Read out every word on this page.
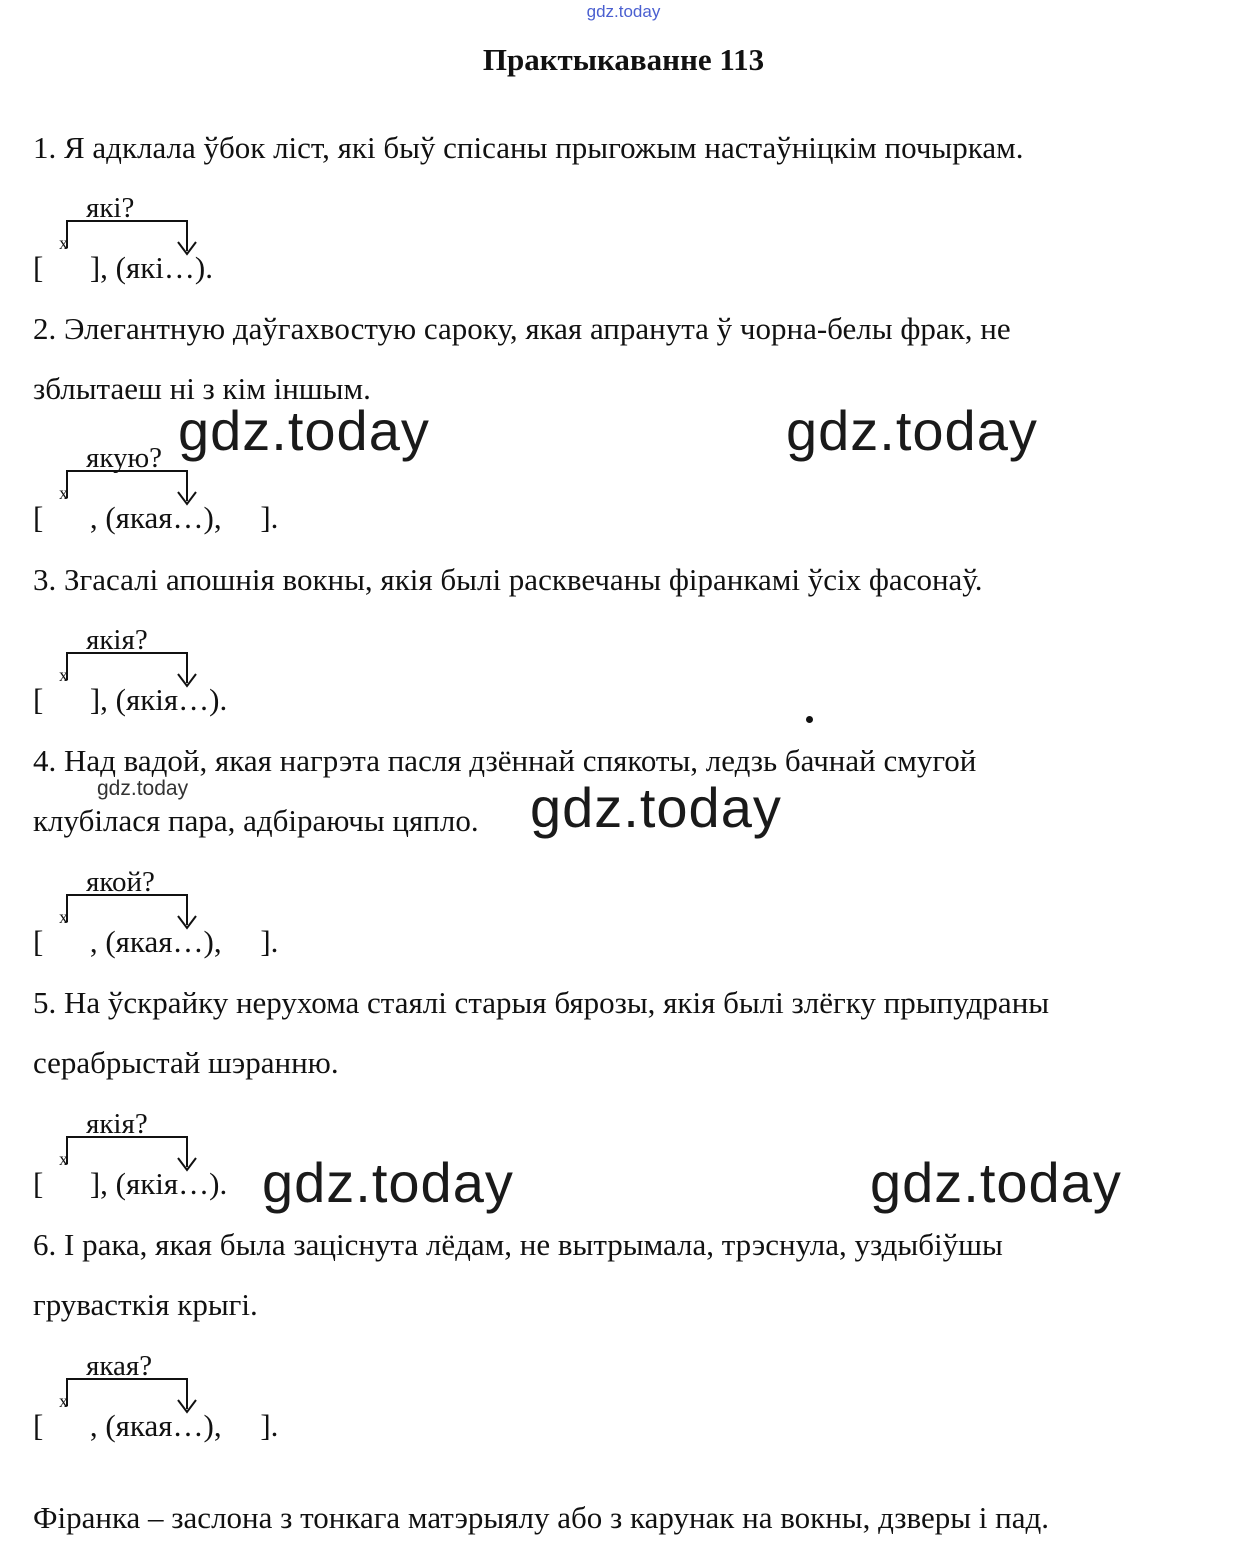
gdz.today
Практыкаванне 113
1. Я адклала ўбок ліст, які быў спісаны прыгожым настаўніцкім почыркам.
які?
x
[      ], (які…).
2. Элегантную даўгахвостую сароку, якая апранута ў чорна-белы фрак, не
зблытаеш ні з кім іншым.
якую?
x
[      , (якая…),     ].
3. Згасалі апошнія вокны, якія былі расквечаны фіранкамі ўсіх фасонаў.
якія?
x
[      ], (якія…).
4. Над вадой, якая нагрэта пасля дзённай спякоты, ледзь бачнай смугой
клубілася пара, адбіраючы цяпло.
якой?
x
[      , (якая…),     ].
5. На ўскрайку нерухома стаялі старыя бярозы, якія былі злёгку прыпудраны
серабрыстай шэранню.
якія?
x
[      ], (якія…).
6. І рака, якая была зацiснута лёдам, не вытрымала, трэснула, уздыбіўшы
груваcткія крыгі.
якая?
x
[      , (якая…),     ].
Фіранка – заслона з тонкага матэрыялу або з карунак на вокны, дзверы і пад.
gdz.today	gdz.today
gdz.today
gdz.today	gdz.today
gdz.today
